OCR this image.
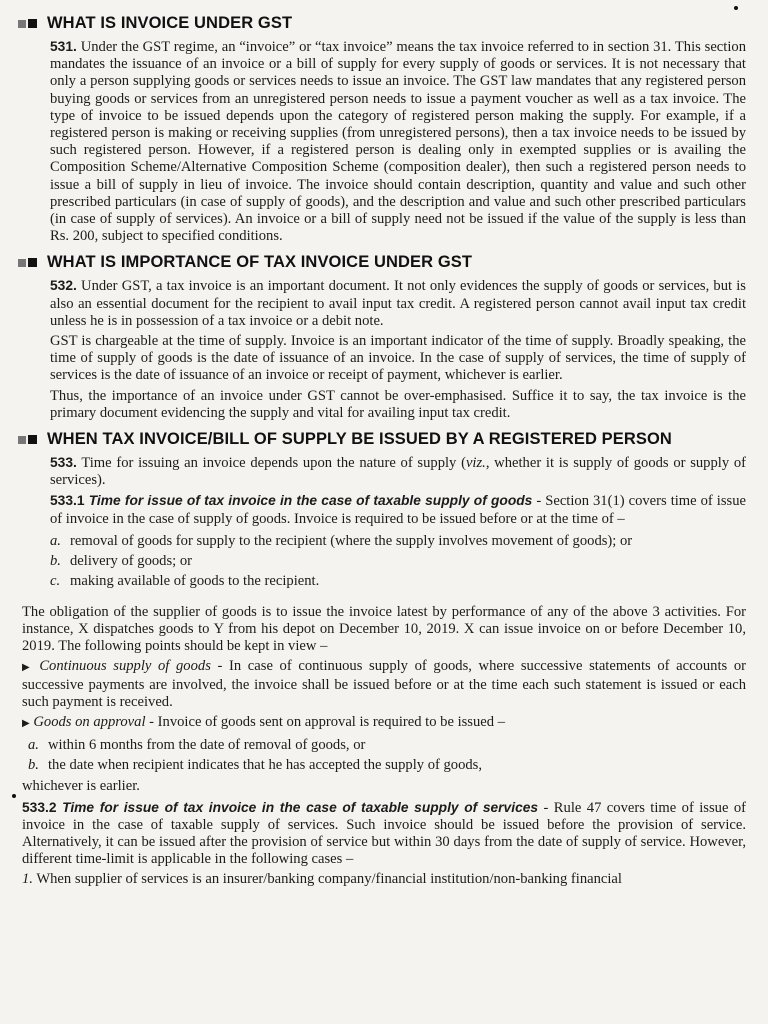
WHAT IS INVOICE UNDER GST

531. Under the GST regime, an “invoice” or “tax invoice” means the tax invoice referred to in section 31. This section mandates the issuance of an invoice or a bill of supply for every supply of goods or services. It is not necessary that only a person supplying goods or services needs to issue an invoice. The GST law mandates that any registered person buying goods or services from an unregistered person needs to issue a payment voucher as well as a tax invoice. The type of invoice to be issued depends upon the category of registered person making the supply. For example, if a registered person is making or receiving supplies (from unregistered persons), then a tax invoice needs to be issued by such registered person. However, if a registered person is dealing only in exempted supplies or is availing the Composition Scheme/Alternative Composition Scheme (composition dealer), then such a registered person needs to issue a bill of supply in lieu of invoice. The invoice should contain description, quantity and value and such other prescribed particulars (in case of supply of goods), and the description and value and such other prescribed particulars (in case of supply of services). An invoice or a bill of supply need not be issued if the value of the supply is less than Rs. 200, subject to specified conditions.

WHAT IS IMPORTANCE OF TAX INVOICE UNDER GST

532. Under GST, a tax invoice is an important document. It not only evidences the supply of goods or services, but is also an essential document for the recipient to avail input tax credit. A registered person cannot avail input tax credit unless he is in possession of a tax invoice or a debit note.

GST is chargeable at the time of supply. Invoice is an important indicator of the time of supply. Broadly speaking, the time of supply of goods is the date of issuance of an invoice. In the case of supply of services, the time of supply of services is the date of issuance of an invoice or receipt of payment, whichever is earlier.

Thus, the importance of an invoice under GST cannot be over-emphasised. Suffice it to say, the tax invoice is the primary document evidencing the supply and vital for availing input tax credit.

WHEN TAX INVOICE/BILL OF SUPPLY BE ISSUED BY A REGISTERED PERSON

533. Time for issuing an invoice depends upon the nature of supply (viz., whether it is supply of goods or supply of services).

533.1 Time for issue of tax invoice in the case of taxable supply of goods - Section 31(1) covers time of issue of invoice in the case of supply of goods. Invoice is required to be issued before or at the time of –

a. removal of goods for supply to the recipient (where the supply involves movement of goods); or
b. delivery of goods; or
c. making available of goods to the recipient.

The obligation of the supplier of goods is to issue the invoice latest by performance of any of the above 3 activities. For instance, X dispatches goods to Y from his depot on December 10, 2019. X can issue invoice on or before December 10, 2019. The following points should be kept in view –

▶ Continuous supply of goods - In case of continuous supply of goods, where successive statements of accounts or successive payments are involved, the invoice shall be issued before or at the time each such statement is issued or each such payment is received.

▶ Goods on approval - Invoice of goods sent on approval is required to be issued –

a. within 6 months from the date of removal of goods, or
b. the date when recipient indicates that he has accepted the supply of goods,

whichever is earlier.

533.2 Time for issue of tax invoice in the case of taxable supply of services - Rule 47 covers time of issue of invoice in the case of taxable supply of services. Such invoice should be issued before the provision of service. Alternatively, it can be issued after the provision of service but within 30 days from the date of supply of service. However, different time-limit is applicable in the following cases –

1. When supplier of services is an insurer/banking company/financial institution/non-banking financial
